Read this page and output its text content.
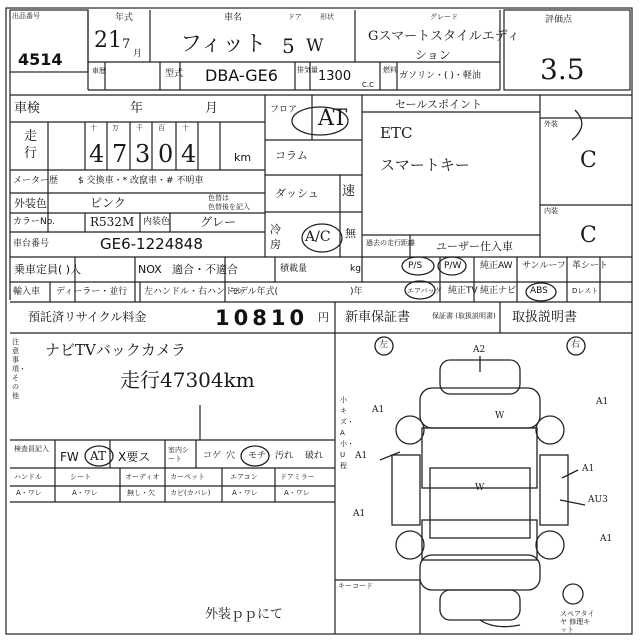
出品番号
4514
年式
21 7
月
車名
フィット
ドア	形状
5 W
グレード
Gスマートスタイルエディ
ション
評価点
3.5
車歴	型式 DBA-GE6	排気量 1300
C.C
燃料
ガソリン・( )・軽油
車検	年	月	フロア AT
コラム
ダッシュ 速
走行
十 万 千 百 十
4 7 3 0 4	km
メーター歴 $ 交換車・* 改竄車・# 不明車
外装色	ピンク	色替は
色替後を記入
カラーNo.	R532M 内装色 グレー
車台番号	GE6-1224848
冷房 A/C 無
乗車定員( )人	NOX 適合・不適合	積載量	kg
輸入車 ディーラー・並行 左ハンドル・右ハンドル
モデル年式(	)年
預託済リサイクル料金	10810 円 新車保証書	保証書 (取扱説明書) 取扱説明書
セールスポイント
ETC
スマートキー
外装
C
内装
C
過去の走行距離 ユーザー仕入車
P/S P/W 純正AW サンルーフ 革シート
エアバッグ 純正TV 純正ナビ ABS	Dレスト
注意事項・その他
ナビTVバックカメラ
走行47304km
外装ｐｐにて
検査員記入
FW AT X要ス	室内シート	コゲ 穴 モチ 汚れ 破れ
ハンドル	シート	オーディオ カーペット	エアコン	ドアミラー
A・ワレ	A・ワレ	無し・欠 カビ(カパレ)	A・ワレ	A・ワレ
左	右
小キズ・A小・U程
A2
A1
A1
A1
W
W
A1
AU3
A1
A1
キーコード
スペアタイヤ 修理キット
